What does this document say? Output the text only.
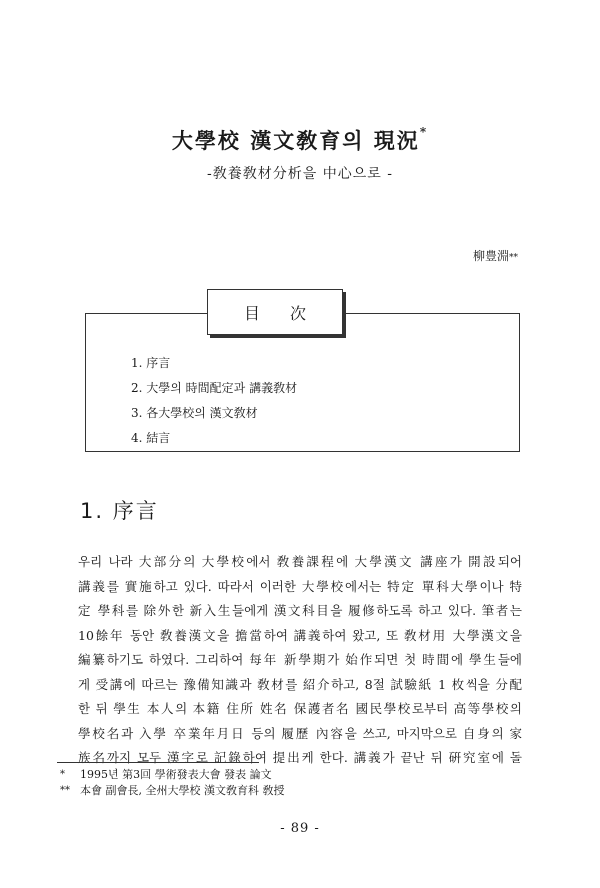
大學校 漢文敎育의 現況*
-敎養敎材分析을 中心으로 -
柳豊淵**
目次
1. 序言
2. 大學의 時間配定과 講義敎材
3. 各大學校의 漢文敎材
4. 結言
1. 序言

우리 나라 大部分의 大學校에서 敎養課程에 大學漢文 講座가 開設되어
講義를 實施하고 있다. 따라서 이러한 大學校에서는 特定 單科大學이나 特
定 學科를 除外한 新入生들에게 漢文科目을 履修하도록 하고 있다. 筆者는
10餘年 동안 敎養漢文을 擔當하여 講義하여 왔고, 또 敎材用 大學漢文을
編纂하기도 하였다. 그리하여 每年 新學期가 始作되면 첫 時間에 學生들에
게 受講에 따르는 豫備知識과 敎材를 紹介하고, 8절 試驗紙 1 枚씩을 分配
한 뒤 學生 本人의 本籍 住所 姓名 保護者名 國民學校로부터 高等學校의
學校名과 入學 卒業年月日 등의 履歷 內容을 쓰고, 마지막으로 自身의 家
族名까지 모두 漢字로 記錄하여 提出케 한다. 講義가 끝난 뒤 硏究室에 돌

*	1995년 第3回 學術發表大會 發表 論文
** 本會 副會長, 全州大學校 漢文敎育科 敎授
- 89 -
